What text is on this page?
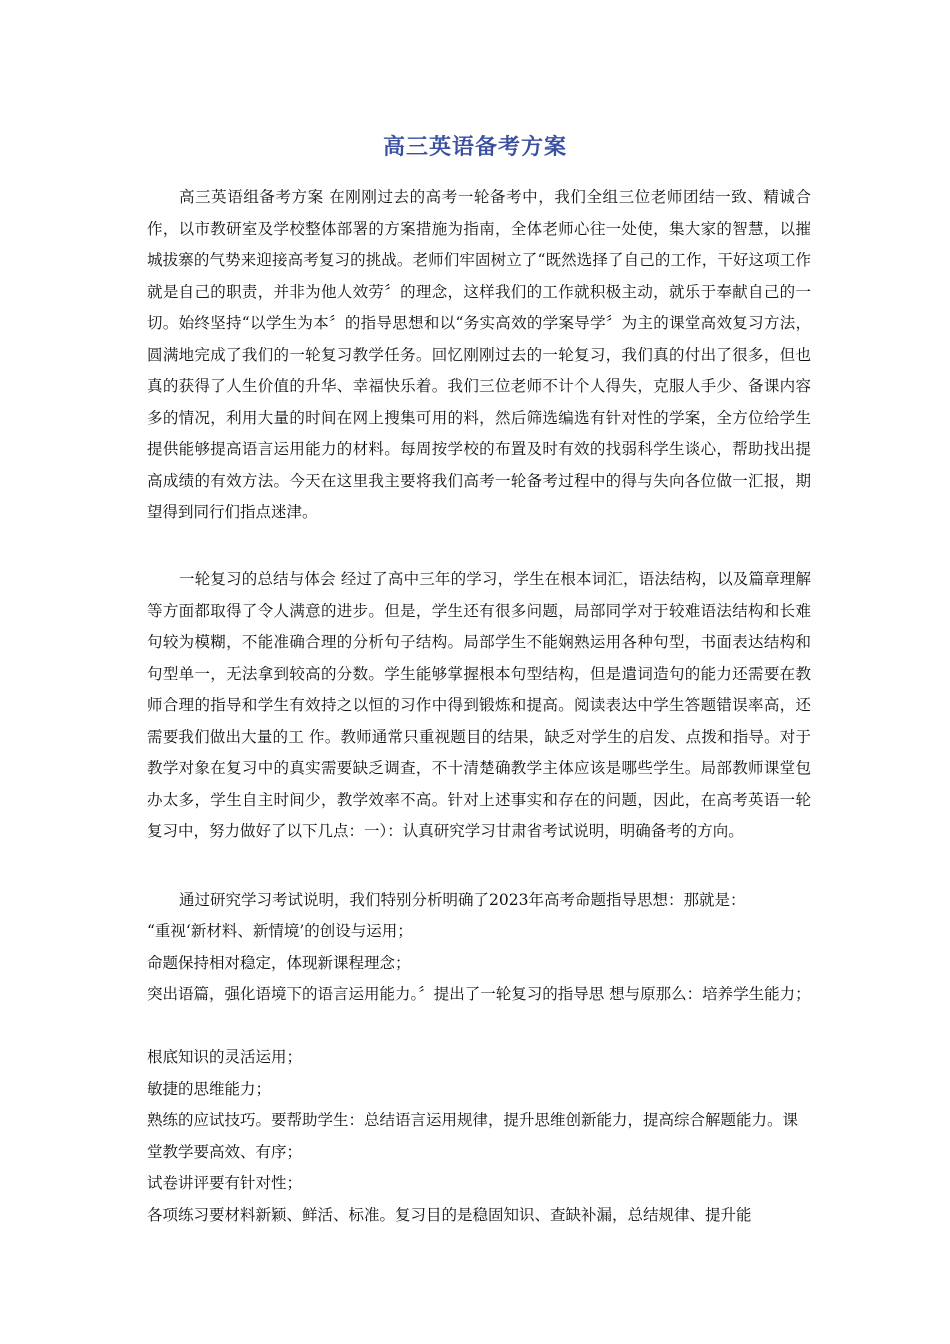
高三英语备考方案
高三英语组备考方案 在刚刚过去的高考一轮备考中，我们全组三位老师团结一致、精诚合作，以市教研室及学校整体部署的方案措施为指南，全体老师心往一处使，集大家的智慧，以摧城拔寨的气势来迎接高考复习的挑战。老师们牢固树立了“既然选择了自己的工作，干好这项工作就是自己的职责，并非为他人效劳〞的理念，这样我们的工作就积极主动，就乐于奉献自己的一切。始终坚持“以学生为本〞的指导思想和以“务实高效的学案导学〞为主的课堂高效复习方法，圆满地完成了我们的一轮复习教学任务。回忆刚刚过去的一轮复习，我们真的付出了很多，但也真的获得了人生价值的升华、幸福快乐着。我们三位老师不计个人得失，克服人手少、备课内容多的情况，利用大量的时间在网上搜集可用的料，然后筛选编选有针对性的学案，全方位给学生提供能够提高语言运用能力的材料。每周按学校的布置及时有效的找弱科学生谈心，帮助找出提高成绩的有效方法。今天在这里我主要将我们高考一轮备考过程中的得与失向各位做一汇报，期望得到同行们指点迷津。
一轮复习的总结与体会 经过了高中三年的学习，学生在根本词汇，语法结构，以及篇章理解等方面都取得了令人满意的进步。但是，学生还有很多问题，局部同学对于较难语法结构和长难句较为模糊，不能准确合理的分析句子结构。局部学生不能娴熟运用各种句型，书面表达结构和句型单一，无法拿到较高的分数。学生能够掌握根本句型结构，但是遣词造句的能力还需要在教师合理的指导和学生有效持之以恒的习作中得到锻炼和提高。阅读表达中学生答题错误率高，还需要我们做出大量的工 作。教师通常只重视题目的结果，缺乏对学生的启发、点拨和指导。对于教学对象在复习中的真实需要缺乏调查，不十清楚确教学主体应该是哪些学生。局部教师课堂包办太多，学生自主时间少，教学效率不高。针对上述事实和存在的问题，因此，在高考英语一轮复习中，努力做好了以下几点：一）：认真研究学习甘肃省考试说明，明确备考的方向。
通过研究学习考试说明，我们特别分析明确了2023年高考命题指导思想：那就是：
“重视‘新材料、新情境’的创设与运用；
命题保持相对稳定，体现新课程理念；
突出语篇，强化语境下的语言运用能力。〞提出了一轮复习的指导思 想与原那么：培养学生能力；
根底知识的灵活运用；
敏捷的思维能力；
熟练的应试技巧。要帮助学生：总结语言运用规律，提升思维创新能力，提高综合解题能力。课堂教学要高效、有序；
试卷讲评要有针对性；
各项练习要材料新颖、鲜活、标准。复习目的是稳固知识、查缺补漏，总结规律、提升能
